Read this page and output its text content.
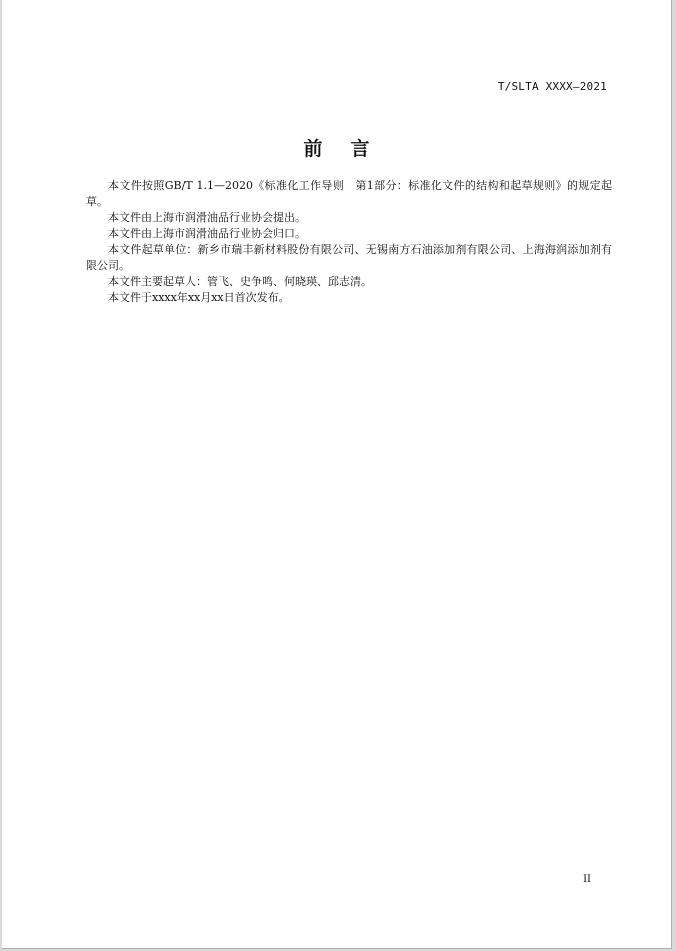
T/SLTA XXXX—2021
前言

本文件按照GB/T 1.1—2020《标准化工作导则　第1部分：标准化文件的结构和起草规则》的规定起草。

本文件由上海市润滑油品行业协会提出。

本文件由上海市润滑油品行业协会归口。

本文件起草单位：新乡市瑞丰新材料股份有限公司、无锡南方石油添加剂有限公司、上海海润添加剂有限公司。

本文件主要起草人：管飞、史争鸣、何晓瑛、邱志清。

本文件于xxxx年xx月xx日首次发布。

II
